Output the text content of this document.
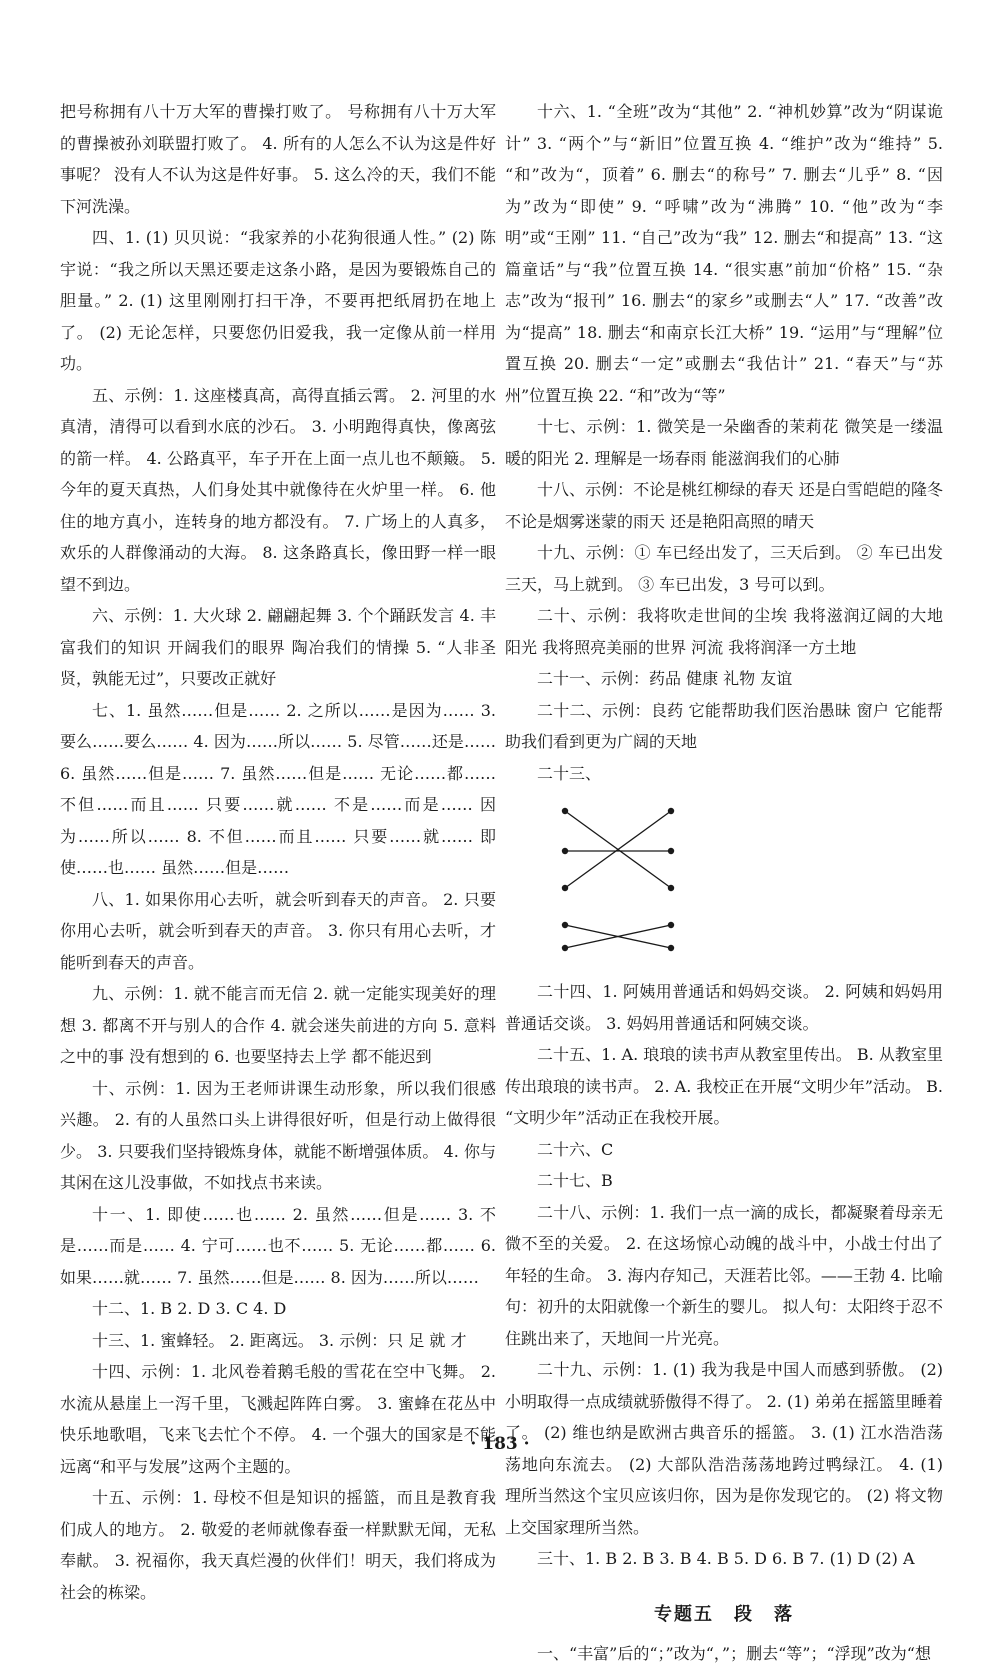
把号称拥有八十万大军的曹操打败了。 号称拥有八十万大军的曹操被孙刘联盟打败了。 4. 所有的人怎么不认为这是件好事呢？ 没有人不认为这是件好事。 5. 这么冷的天，我们不能下河洗澡。

四、1. (1) 贝贝说：“我家养的小花狗很通人性。” (2) 陈宇说：“我之所以天黑还要走这条小路，是因为要锻炼自己的胆量。” 2. (1) 这里刚刚打扫干净，不要再把纸屑扔在地上了。 (2) 无论怎样，只要您仍旧爱我，我一定像从前一样用功。

五、示例：1. 这座楼真高，高得直插云霄。 2. 河里的水真清，清得可以看到水底的沙石。 3. 小明跑得真快，像离弦的箭一样。 4. 公路真平，车子开在上面一点儿也不颠簸。 5. 今年的夏天真热，人们身处其中就像待在火炉里一样。 6. 他住的地方真小，连转身的地方都没有。 7. 广场上的人真多，欢乐的人群像涌动的大海。 8. 这条路真长，像田野一样一眼望不到边。

六、示例：1. 大火球 2. 翩翩起舞 3. 个个踊跃发言 4. 丰富我们的知识 开阔我们的眼界 陶冶我们的情操 5. “人非圣贤，孰能无过”，只要改正就好

七、1. 虽然……但是…… 2. 之所以……是因为…… 3. 要么……要么…… 4. 因为……所以…… 5. 尽管……还是…… 6. 虽然……但是…… 7. 虽然……但是…… 无论……都…… 不但……而且…… 只要……就…… 不是……而是…… 因为……所以…… 8. 不但……而且…… 只要……就…… 即使……也…… 虽然……但是……

八、1. 如果你用心去听，就会听到春天的声音。 2. 只要你用心去听，就会听到春天的声音。 3. 你只有用心去听，才能听到春天的声音。

九、示例：1. 就不能言而无信 2. 就一定能实现美好的理想 3. 都离不开与别人的合作 4. 就会迷失前进的方向 5. 意料之中的事 没有想到的 6. 也要坚持去上学 都不能迟到

十、示例：1. 因为王老师讲课生动形象，所以我们很感兴趣。 2. 有的人虽然口头上讲得很好听，但是行动上做得很少。 3. 只要我们坚持锻炼身体，就能不断增强体质。 4. 你与其闲在这儿没事做，不如找点书来读。

十一、1. 即使……也…… 2. 虽然……但是…… 3. 不是……而是…… 4. 宁可……也不…… 5. 无论……都…… 6. 如果……就…… 7. 虽然……但是…… 8. 因为……所以……

十二、1. B 2. D 3. C 4. D

十三、1. 蜜蜂轻。 2. 距离远。 3. 示例：只 足 就 才

十四、示例：1. 北风卷着鹅毛般的雪花在空中飞舞。 2. 水流从悬崖上一泻千里，飞溅起阵阵白雾。 3. 蜜蜂在花丛中快乐地歌唱，飞来飞去忙个不停。 4. 一个强大的国家是不能远离“和平与发展”这两个主题的。

十五、示例：1. 母校不但是知识的摇篮，而且是教育我们成人的地方。 2. 敬爱的老师就像春蚕一样默默无闻，无私奉献。 3. 祝福你，我天真烂漫的伙伴们！明天，我们将成为社会的栋梁。

十六、1. “全班”改为“其他” 2. “神机妙算”改为“阴谋诡计” 3. “两个”与“新旧”位置互换 4. “维护”改为“维持” 5. “和”改为“，顶着” 6. 删去“的称号” 7. 删去“儿乎” 8. “因为”改为“即使” 9. “呼啸”改为“沸腾” 10. “他”改为“李明”或“王刚” 11. “自己”改为“我” 12. 删去“和提高” 13. “这篇童话”与“我”位置互换 14. “很实惠”前加“价格” 15. “杂志”改为“报刊” 16. 删去“的家乡”或删去“人” 17. “改善”改为“提高” 18. 删去“和南京长江大桥” 19. “运用”与“理解”位置互换 20. 删去“一定”或删去“我估计” 21. “春天”与“苏州”位置互换 22. “和”改为“等”

十七、示例：1. 微笑是一朵幽香的茉莉花 微笑是一缕温暖的阳光 2. 理解是一场春雨 能滋润我们的心肺

十八、示例：不论是桃红柳绿的春天 还是白雪皑皑的隆冬 不论是烟雾迷蒙的雨天 还是艳阳高照的晴天

十九、示例：① 车已经出发了，三天后到。 ② 车已出发三天，马上就到。 ③ 车已出发，3 号可以到。

二十、示例：我将吹走世间的尘埃 我将滋润辽阔的大地 阳光 我将照亮美丽的世界 河流 我将润泽一方土地

二十一、示例：药品 健康 礼物 友谊

二十二、示例：良药 它能帮助我们医治愚昧 窗户 它能帮助我们看到更为广阔的天地

二十三、

二十四、1. 阿姨用普通话和妈妈交谈。 2. 阿姨和妈妈用普通话交谈。 3. 妈妈用普通话和阿姨交谈。

二十五、1. A. 琅琅的读书声从教室里传出。 B. 从教室里传出琅琅的读书声。 2. A. 我校正在开展“文明少年”活动。 B. “文明少年”活动正在我校开展。

二十六、C

二十七、B

二十八、示例：1. 我们一点一滴的成长，都凝聚着母亲无微不至的关爱。 2. 在这场惊心动魄的战斗中，小战士付出了年轻的生命。 3. 海内存知己，天涯若比邻。——王勃 4. 比喻句：初升的太阳就像一个新生的婴儿。 拟人句：太阳终于忍不住跳出来了，天地间一片光亮。

二十九、示例：1. (1) 我为我是中国人而感到骄傲。 (2) 小明取得一点成绩就骄傲得不得了。 2. (1) 弟弟在摇篮里睡着了。 (2) 维也纳是欧洲古典音乐的摇篮。 3. (1) 江水浩浩荡荡地向东流去。 (2) 大部队浩浩荡荡地跨过鸭绿江。 4. (1) 理所当然这个宝贝应该归你，因为是你发现它的。 (2) 将文物上交国家理所当然。

三十、1. B 2. B 3. B 4. B 5. D 6. B 7. (1) D (2) A

专题五　段　落

一、“丰富”后的“；”改为“，”；删去“等”；“浮现”改为“想

· 183 ·
